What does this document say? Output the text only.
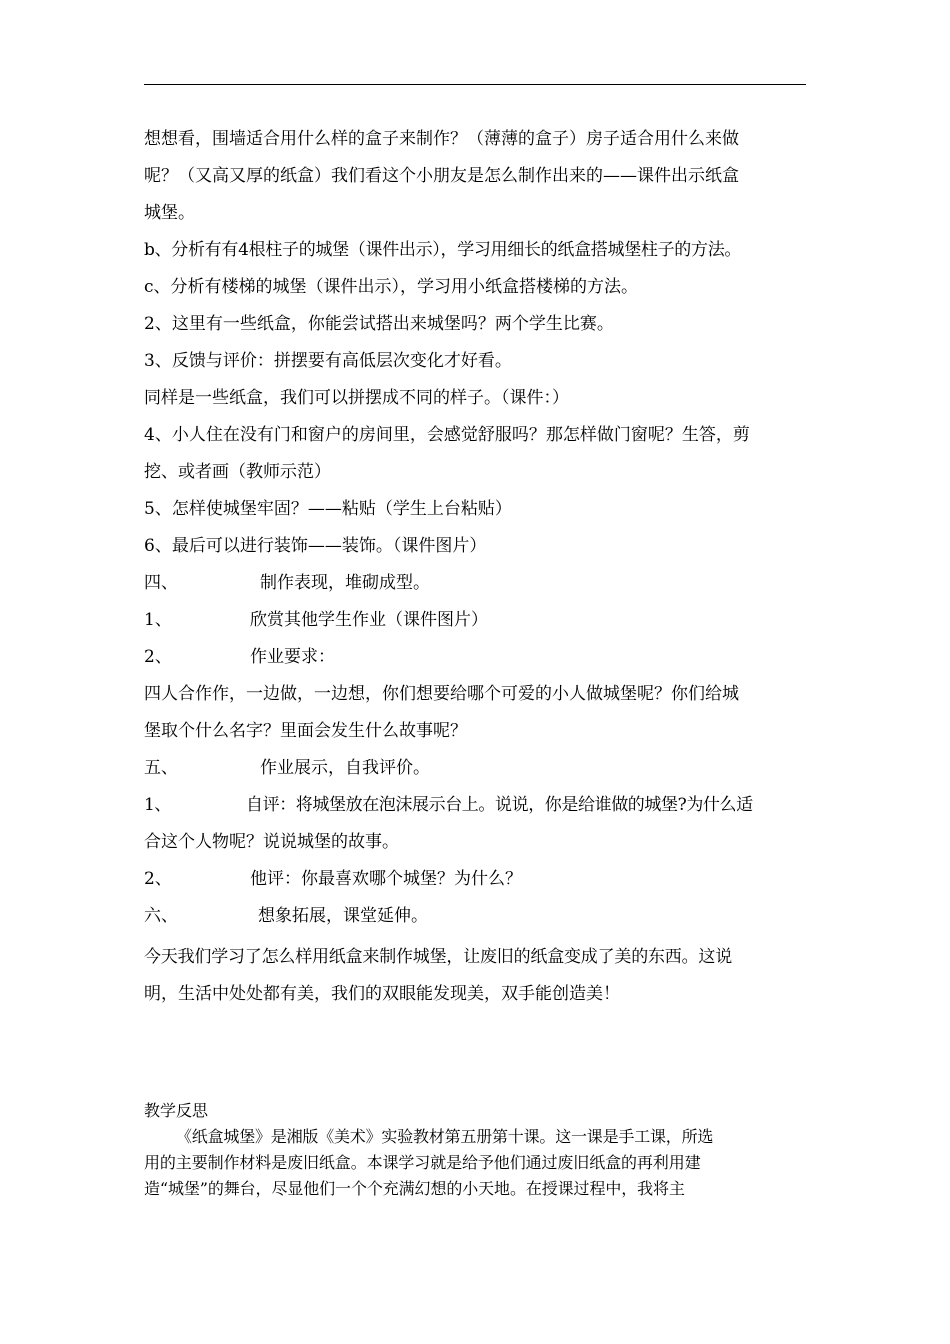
想想看，围墙适合用什么样的盒子来制作？（薄薄的盒子）房子适合用什么来做
呢？（又高又厚的纸盒）我们看这个小朋友是怎么制作出来的——课件出示纸盒
城堡。
b、分析有有4根柱子的城堡（课件出示），学习用细长的纸盒搭城堡柱子的方法。
c、分析有楼梯的城堡（课件出示），学习用小纸盒搭楼梯的方法。
2、这里有一些纸盒，你能尝试搭出来城堡吗？两个学生比赛。
3、反馈与评价：拼摆要有高低层次变化才好看。
同样是一些纸盒，我们可以拼摆成不同的样子。（课件：）
4、小人住在没有门和窗户的房间里，会感觉舒服吗？那怎样做门窗呢？生答，剪
挖、或者画（教师示范）
5、怎样使城堡牢固？——粘贴（学生上台粘贴）
6、最后可以进行装饰——装饰。（课件图片）
四、	制作表现，堆砌成型。
1、	欣赏其他学生作业（课件图片）
2、	作业要求：
四人合作作，一边做，一边想，你们想要给哪个可爱的小人做城堡呢？你们给城
堡取个什么名字？里面会发生什么故事呢？
五、	作业展示，自我评价。
1、	自评：将城堡放在泡沫展示台上。说说，你是给谁做的城堡?为什么适
合这个人物呢？说说城堡的故事。
2、	他评：你最喜欢哪个城堡？为什么？
六、	想象拓展，课堂延伸。
今天我们学习了怎么样用纸盒来制作城堡，让废旧的纸盒变成了美的东西。这说
明，生活中处处都有美，我们的双眼能发现美，双手能创造美！
教学反思
《纸盒城堡》是湘版《美术》实验教材第五册第十课。这一课是手工课，所选
用的主要制作材料是废旧纸盒。本课学习就是给予他们通过废旧纸盒的再利用建
造“城堡”的舞台，尽显他们一个个充满幻想的小天地。在授课过程中，我将主
